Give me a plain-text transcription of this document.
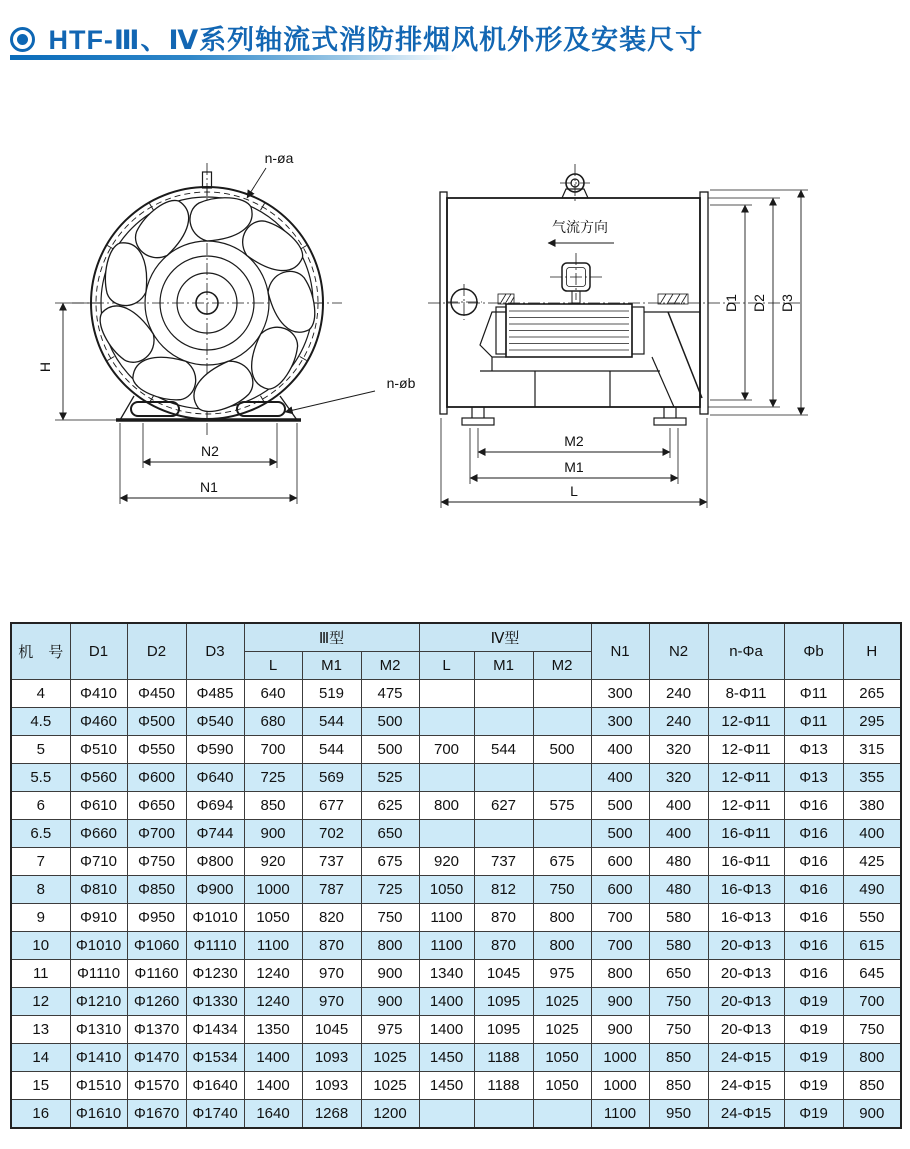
HTF-Ⅲ、Ⅳ系列轴流式消防排烟风机外形及安装尺寸
H
N2
N1
n-øa
n-øb
气流方向
D1 D2 D3
M2
M1
L
机　号	D1	D2	D3	Ⅲ型			Ⅳ型			N1	N2	n-Φa	Φb	H
				L	M1	M2	L	M1	M2					
4	Φ410	Φ450	Φ485	640	519	475				300	240	8-Φ11	Φ11	265
4.5	Φ460	Φ500	Φ540	680	544	500				300	240	12-Φ11	Φ11	295
5	Φ510	Φ550	Φ590	700	544	500	700	544	500	400	320	12-Φ11	Φ13	315
5.5	Φ560	Φ600	Φ640	725	569	525				400	320	12-Φ11	Φ13	355
6	Φ610	Φ650	Φ694	850	677	625	800	627	575	500	400	12-Φ11	Φ16	380
6.5	Φ660	Φ700	Φ744	900	702	650				500	400	16-Φ11	Φ16	400
7	Φ710	Φ750	Φ800	920	737	675	920	737	675	600	480	16-Φ11	Φ16	425
8	Φ810	Φ850	Φ900	1000	787	725	1050	812	750	600	480	16-Φ13	Φ16	490
9	Φ910	Φ950	Φ1010	1050	820	750	1100	870	800	700	580	16-Φ13	Φ16	550
10	Φ1010	Φ1060	Φ1110	1100	870	800	1100	870	800	700	580	20-Φ13	Φ16	615
11	Φ1110	Φ1160	Φ1230	1240	970	900	1340	1045	975	800	650	20-Φ13	Φ16	645
12	Φ1210	Φ1260	Φ1330	1240	970	900	1400	1095	1025	900	750	20-Φ13	Φ19	700
13	Φ1310	Φ1370	Φ1434	1350	1045	975	1400	1095	1025	900	750	20-Φ13	Φ19	750
14	Φ1410	Φ1470	Φ1534	1400	1093	1025	1450	1188	1050	1000	850	24-Φ15	Φ19	800
15	Φ1510	Φ1570	Φ1640	1400	1093	1025	1450	1188	1050	1000	850	24-Φ15	Φ19	850
16	Φ1610	Φ1670	Φ1740	1640	1268	1200				1100	950	24-Φ15	Φ19	900
